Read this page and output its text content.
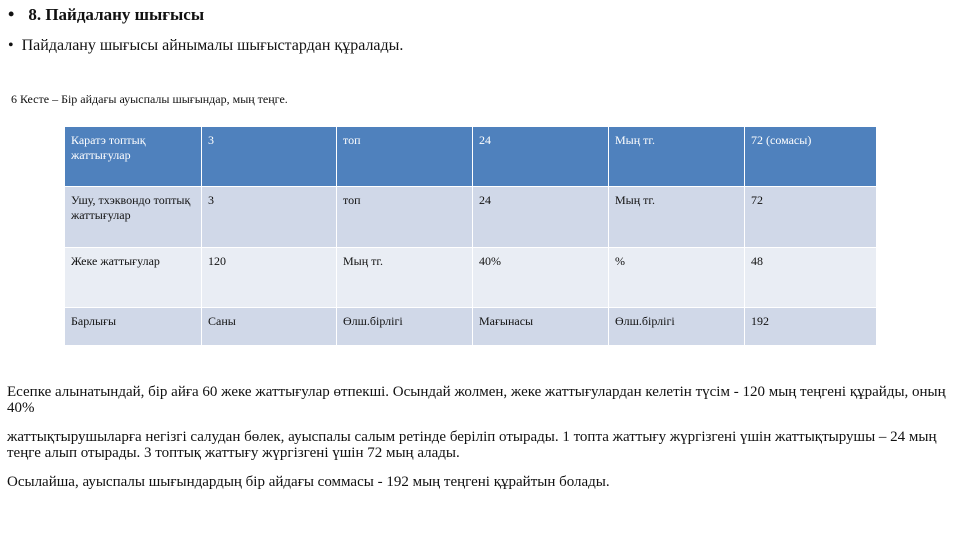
• 8. Пайдалану шығысы
• Пайдалану шығысы айнымалы шығыстардан құралады.
6 Кесте – Бір айдағы ауыспалы шығындар, мың теңге.
Каратэ топтық жаттығулар	3	топ	24	Мың тг.	72 (сомасы)
Ушу, тхэквондо топтық жаттығулар	3	топ	24	Мың тг.	72
Жеке жаттығулар	120	Мың тг.	40%	%	48
Барлығы	Саны	Өлш.бірлігі	Мағынасы	Өлш.бірлігі	192
Есепке алынатындай, бір айға 60 жеке жаттығулар өтпекші. Осындай жолмен, жеке жаттығулардан келетін түсім - 120 мың теңгені құрайды, оның 40%
жаттықтырушыларға негізгі салудан бөлек, ауыспалы салым ретінде беріліп отырады. 1 топта жаттығу жүргізгені үшін жаттықтырушы – 24 мың теңге алып отырады. 3 топтық жаттығу жүргізгені үшін 72 мың алады.
Осылайша, ауыспалы шығындардың бір айдағы соммасы - 192 мың теңгені құрайтын болады.
